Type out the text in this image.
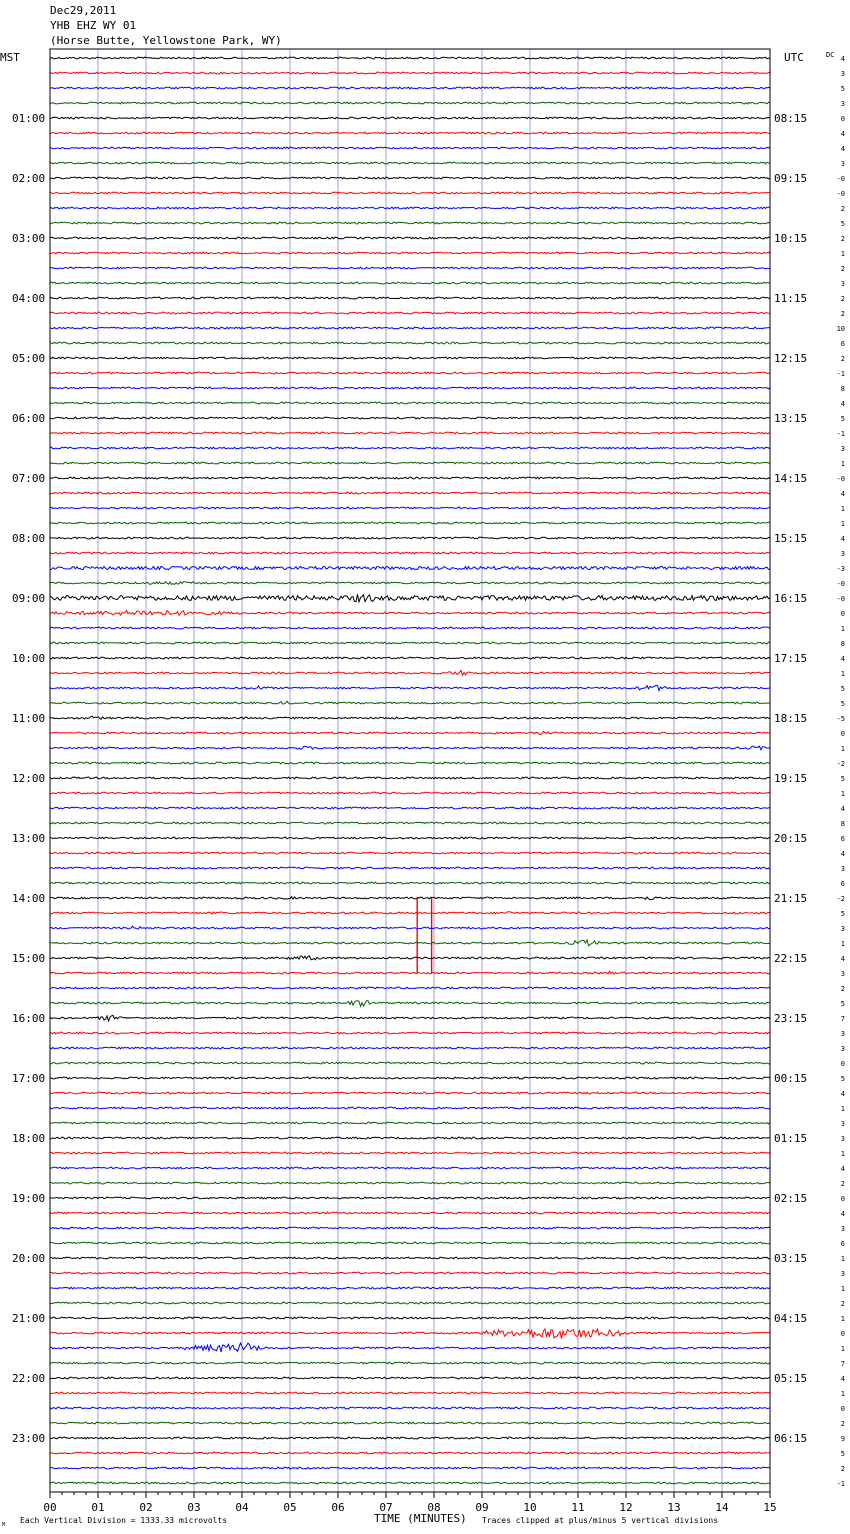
Dec29,2011
YHB EHZ WY 01
(Horse Butte, Yellowstone Park, WY)
MST	UTC	DC
01:00
02:00
03:00
04:00
05:00
06:00
07:00
08:00
09:00
10:00
11:00
12:00
13:00
14:00
15:00
16:00
17:00
18:00
19:00
20:00
21:00
22:00
23:00
08:15
09:15
10:15
11:15
12:15
13:15
14:15
15:15
16:15
17:15
18:15
19:15
20:15
21:15
22:15
23:15
00:15
01:15
02:15
03:15
04:15
05:15
06:15
4
3
5
3
0
4
4
3
-0
-0
2
5
2
1
2
3
2
2
10
6
2
-1
8
4
5
-1
3
1
-0
4
1
1
4
3
-3
-0
-0
0
1
8
4
1
5
5
-5
0
1
-2
5
1
4
8
6
4
3
6
-2
5
3
1
4
3
2
5
7
3
3
0
5
4
1
3
3
1
4
2
0
4
3
6
1
3
1
2
1
0
1
7
4
1
0
2
9
5
2
-1
00	01	02	03	04	05	06	07	08	09	10	11	12	13	14	15
Each Vertical Division = 1333.33 microvolts	TIME (MINUTES) Traces clipped at plus/minus 5 vertical divisions
M
